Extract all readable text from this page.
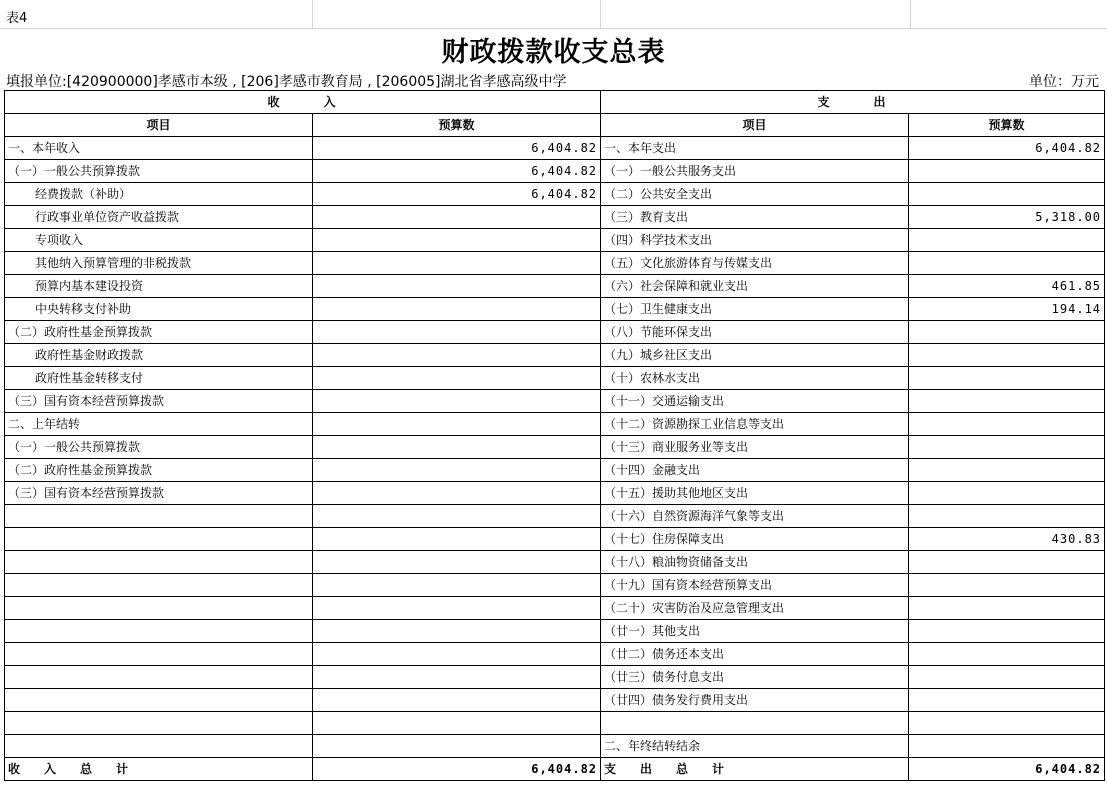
表4
财政拨款收支总表
填报单位:[420900000]孝感市本级 , [206]孝感市教育局 , [206005]湖北省孝感高级中学	单位：万元
收　　　入		支　　　出	
项目	预算数	项目	预算数
一、本年收入	6,404.82	一、本年支出	6,404.82
（一）一般公共预算拨款	6,404.82	（一）一般公共服务支出	
经费拨款（补助）	6,404.82	（二）公共安全支出	
行政事业单位资产收益拨款		（三）教育支出	5,318.00
专项收入		（四）科学技术支出	
其他纳入预算管理的非税拨款		（五）文化旅游体育与传媒支出	
预算内基本建设投资		（六）社会保障和就业支出	461.85
中央转移支付补助		（七）卫生健康支出	194.14
（二）政府性基金预算拨款		（八）节能环保支出	
政府性基金财政拨款		（九）城乡社区支出	
政府性基金转移支付		（十）农林水支出	
（三）国有资本经营预算拨款		（十一）交通运输支出	
二、上年结转		（十二）资源勘探工业信息等支出	
（一）一般公共预算拨款		（十三）商业服务业等支出	
（二）政府性基金预算拨款		（十四）金融支出	
（三）国有资本经营预算拨款		（十五）援助其他地区支出	
		（十六）自然资源海洋气象等支出	
		（十七）住房保障支出	430.83
		（十八）粮油物资储备支出	
		（十九）国有资本经营预算支出	
		（二十）灾害防治及应急管理支出	
		（廿一）其他支出	
		（廿二）债务还本支出	
		（廿三）债务付息支出	
		（廿四）债务发行费用支出	

		二、年终结转结余	
收　　入　　总　　计	6,404.82	支　　出　　总　　计	6,404.82
